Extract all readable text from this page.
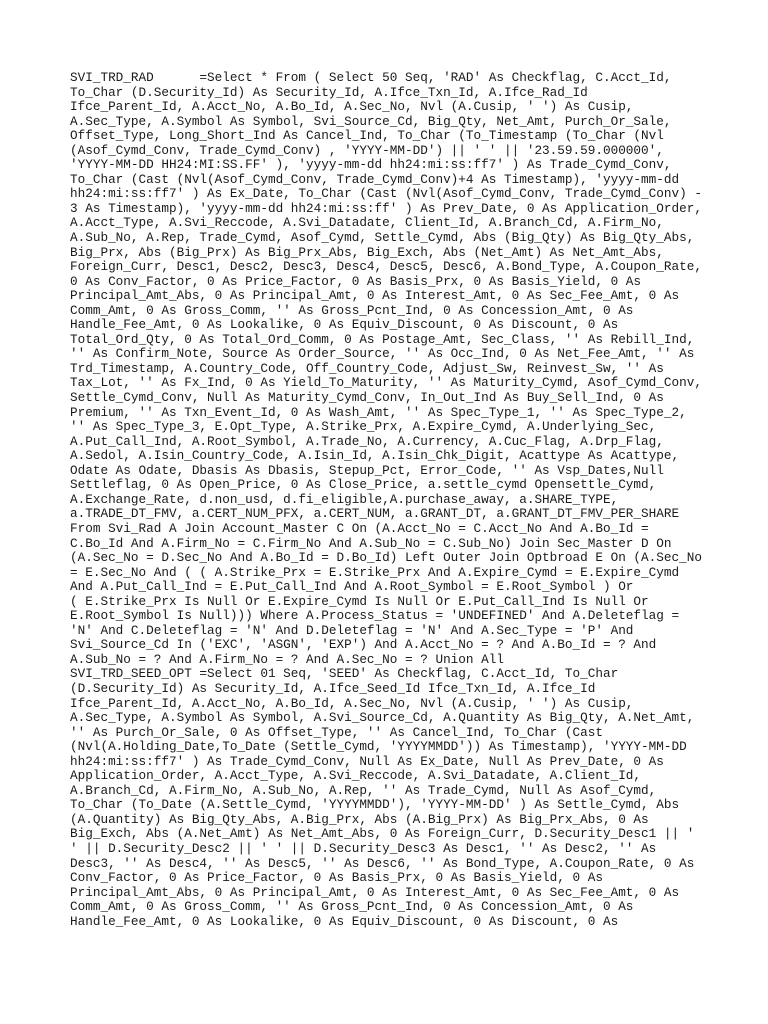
SVI_TRD_RAD      =Select * From ( Select 50 Seq, 'RAD' As Checkflag, C.Acct_Id,
To_Char (D.Security_Id) As Security_Id, A.Ifce_Txn_Id, A.Ifce_Rad_Id
Ifce_Parent_Id, A.Acct_No, A.Bo_Id, A.Sec_No, Nvl (A.Cusip, ' ') As Cusip,
A.Sec_Type, A.Symbol As Symbol, Svi_Source_Cd, Big_Qty, Net_Amt, Purch_Or_Sale,
Offset_Type, Long_Short_Ind As Cancel_Ind, To_Char (To_Timestamp (To_Char (Nvl
(Asof_Cymd_Conv, Trade_Cymd_Conv) , 'YYYY-MM-DD') || ' ' || '23.59.59.000000',
'YYYY-MM-DD HH24:MI:SS.FF' ), 'yyyy-mm-dd hh24:mi:ss:ff7' ) As Trade_Cymd_Conv,
To_Char (Cast (Nvl(Asof_Cymd_Conv, Trade_Cymd_Conv)+4 As Timestamp), 'yyyy-mm-dd
hh24:mi:ss:ff7' ) As Ex_Date, To_Char (Cast (Nvl(Asof_Cymd_Conv, Trade_Cymd_Conv) -
3 As Timestamp), 'yyyy-mm-dd hh24:mi:ss:ff' ) As Prev_Date, 0 As Application_Order,
A.Acct_Type, A.Svi_Reccode, A.Svi_Datadate, Client_Id, A.Branch_Cd, A.Firm_No,
A.Sub_No, A.Rep, Trade_Cymd, Asof_Cymd, Settle_Cymd, Abs (Big_Qty) As Big_Qty_Abs,
Big_Prx, Abs (Big_Prx) As Big_Prx_Abs, Big_Exch, Abs (Net_Amt) As Net_Amt_Abs,
Foreign_Curr, Desc1, Desc2, Desc3, Desc4, Desc5, Desc6, A.Bond_Type, A.Coupon_Rate,
0 As Conv_Factor, 0 As Price_Factor, 0 As Basis_Prx, 0 As Basis_Yield, 0 As
Principal_Amt_Abs, 0 As Principal_Amt, 0 As Interest_Amt, 0 As Sec_Fee_Amt, 0 As
Comm_Amt, 0 As Gross_Comm, '' As Gross_Pcnt_Ind, 0 As Concession_Amt, 0 As
Handle_Fee_Amt, 0 As Lookalike, 0 As Equiv_Discount, 0 As Discount, 0 As
Total_Ord_Qty, 0 As Total_Ord_Comm, 0 As Postage_Amt, Sec_Class, '' As Rebill_Ind,
'' As Confirm_Note, Source As Order_Source, '' As Occ_Ind, 0 As Net_Fee_Amt, '' As
Trd_Timestamp, A.Country_Code, Off_Country_Code, Adjust_Sw, Reinvest_Sw, '' As
Tax_Lot, '' As Fx_Ind, 0 As Yield_To_Maturity, '' As Maturity_Cymd, Asof_Cymd_Conv,
Settle_Cymd_Conv, Null As Maturity_Cymd_Conv, In_Out_Ind As Buy_Sell_Ind, 0 As
Premium, '' As Txn_Event_Id, 0 As Wash_Amt, '' As Spec_Type_1, '' As Spec_Type_2,
'' As Spec_Type_3, E.Opt_Type, A.Strike_Prx, A.Expire_Cymd, A.Underlying_Sec,
A.Put_Call_Ind, A.Root_Symbol, A.Trade_No, A.Currency, A.Cuc_Flag, A.Drp_Flag,
A.Sedol, A.Isin_Country_Code, A.Isin_Id, A.Isin_Chk_Digit, Acattype As Acattype,
Odate As Odate, Dbasis As Dbasis, Stepup_Pct, Error_Code, '' As Vsp_Dates,Null
Settleflag, 0 As Open_Price, 0 As Close_Price, a.settle_cymd Opensettle_Cymd,
A.Exchange_Rate, d.non_usd, d.fi_eligible,A.purchase_away, a.SHARE_TYPE,
a.TRADE_DT_FMV, a.CERT_NUM_PFX, a.CERT_NUM, a.GRANT_DT, a.GRANT_DT_FMV_PER_SHARE
From Svi_Rad A Join Account_Master C On (A.Acct_No = C.Acct_No And A.Bo_Id =
C.Bo_Id And A.Firm_No = C.Firm_No And A.Sub_No = C.Sub_No) Join Sec_Master D On
(A.Sec_No = D.Sec_No And A.Bo_Id = D.Bo_Id) Left Outer Join Optbroad E On (A.Sec_No
= E.Sec_No And ( ( A.Strike_Prx = E.Strike_Prx And A.Expire_Cymd = E.Expire_Cymd
And A.Put_Call_Ind = E.Put_Call_Ind And A.Root_Symbol = E.Root_Symbol ) Or
( E.Strike_Prx Is Null Or E.Expire_Cymd Is Null Or E.Put_Call_Ind Is Null Or
E.Root_Symbol Is Null))) Where A.Process_Status = 'UNDEFINED' And A.Deleteflag =
'N' And C.Deleteflag = 'N' And D.Deleteflag = 'N' And A.Sec_Type = 'P' And
Svi_Source_Cd In ('EXC', 'ASGN', 'EXP') And A.Acct_No = ? And A.Bo_Id = ? And
A.Sub_No = ? And A.Firm_No = ? And A.Sec_No = ? Union All
SVI_TRD_SEED_OPT =Select 01 Seq, 'SEED' As Checkflag, C.Acct_Id, To_Char
(D.Security_Id) As Security_Id, A.Ifce_Seed_Id Ifce_Txn_Id, A.Ifce_Id
Ifce_Parent_Id, A.Acct_No, A.Bo_Id, A.Sec_No, Nvl (A.Cusip, ' ') As Cusip,
A.Sec_Type, A.Symbol As Symbol, A.Svi_Source_Cd, A.Quantity As Big_Qty, A.Net_Amt,
'' As Purch_Or_Sale, 0 As Offset_Type, '' As Cancel_Ind, To_Char (Cast
(Nvl(A.Holding_Date,To_Date (Settle_Cymd, 'YYYYMMDD')) As Timestamp), 'YYYY-MM-DD
hh24:mi:ss:ff7' ) As Trade_Cymd_Conv, Null As Ex_Date, Null As Prev_Date, 0 As
Application_Order, A.Acct_Type, A.Svi_Reccode, A.Svi_Datadate, A.Client_Id,
A.Branch_Cd, A.Firm_No, A.Sub_No, A.Rep, '' As Trade_Cymd, Null As Asof_Cymd,
To_Char (To_Date (A.Settle_Cymd, 'YYYYMMDD'), 'YYYY-MM-DD' ) As Settle_Cymd, Abs
(A.Quantity) As Big_Qty_Abs, A.Big_Prx, Abs (A.Big_Prx) As Big_Prx_Abs, 0 As
Big_Exch, Abs (A.Net_Amt) As Net_Amt_Abs, 0 As Foreign_Curr, D.Security_Desc1 || '
' || D.Security_Desc2 || ' ' || D.Security_Desc3 As Desc1, '' As Desc2, '' As
Desc3, '' As Desc4, '' As Desc5, '' As Desc6, '' As Bond_Type, A.Coupon_Rate, 0 As
Conv_Factor, 0 As Price_Factor, 0 As Basis_Prx, 0 As Basis_Yield, 0 As
Principal_Amt_Abs, 0 As Principal_Amt, 0 As Interest_Amt, 0 As Sec_Fee_Amt, 0 As
Comm_Amt, 0 As Gross_Comm, '' As Gross_Pcnt_Ind, 0 As Concession_Amt, 0 As
Handle_Fee_Amt, 0 As Lookalike, 0 As Equiv_Discount, 0 As Discount, 0 As
